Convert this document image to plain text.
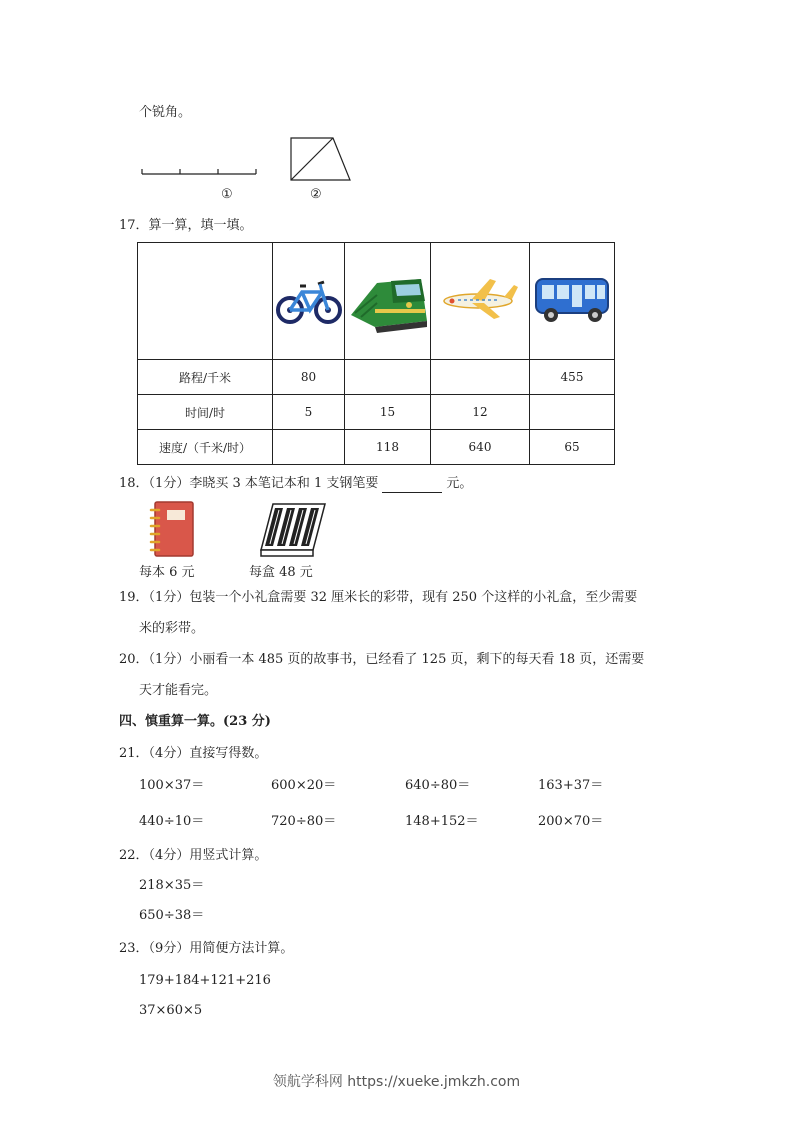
个锐角。
①	②
17．算一算，填一填。

路程/千米	80			455
时间/时	5	15	12	
速度/（千米/时）		118	640	65
18．（1分）李晓买 3 本笔记本和 1 支钢笔要	元。
每本 6 元	每盒 48 元
19．（1分）包装一个小礼盒需要 32 厘米长的彩带，现有 250 个这样的小礼盒，至少需要
米的彩带。
20．（1分）小丽看一本 485 页的故事书，已经看了 125 页，剩下的每天看 18 页，还需要
天才能看完。
四、慎重算一算。(23 分)
21．（4分）直接写得数。
100×37＝	600×20＝	640÷80＝	163+37＝
440÷10＝	720÷80＝	148+152＝	200×70＝
22．（4分）用竖式计算。
218×35＝
650÷38＝
23．（9分）用简便方法计算。
179+184+121+216
37×60×5
领航学科网 https://xueke.jmkzh.com
